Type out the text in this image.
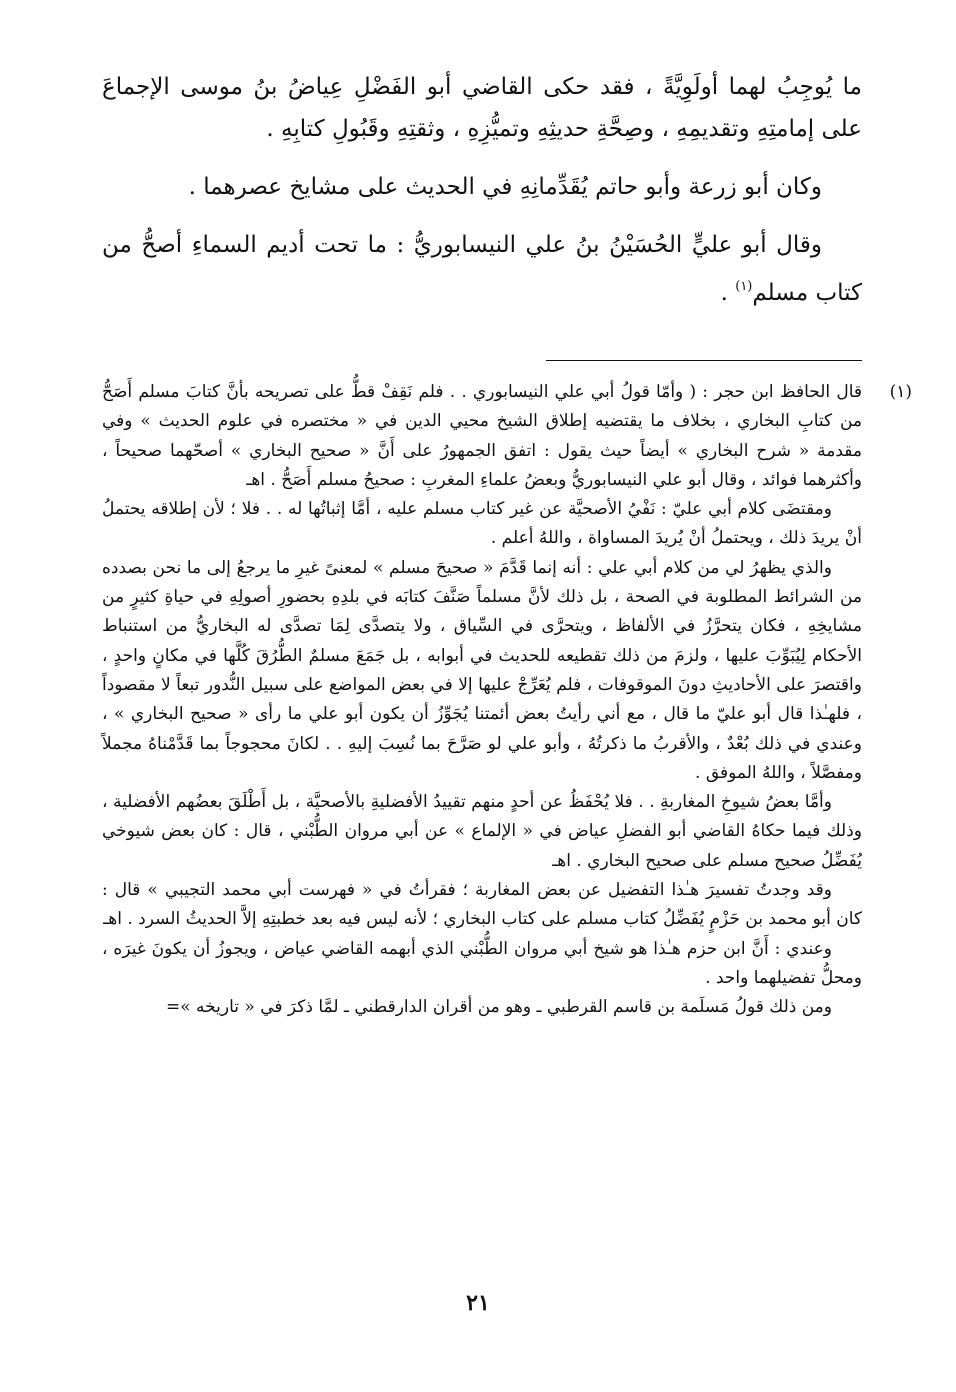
ما يُوجِبُ لهما أولَوِيَّةً ، فقد حكى القاضي أبو الفَضْلِ عِياضُ بنُ موسى الإجماعَ على إمامتِهِ وتقديمِهِ ، وصِحَّةِ حديثِهِ وتميُّزِهِ ، وثقتِهِ وقَبُولِ كتابِهِ .

وكان أبو زرعة وأبو حاتم يُقَدِّمانِهِ في الحديث على مشايخ عصرهما .

وقال أبو عليٍّ الحُسَيْنُ بنُ علي النيسابوريُّ : ما تحت أديم السماءِ أصحُّ من كتاب مسلم$^{(١)}$ .

(١)

قال الحافظ ابن حجر : ( وأمّا قولُ أبي علي النيسابوري . . فلم نَقِفْ قطُّ على تصريحه بأنَّ كتابَ مسلم أَصَحُّ من كتابِ البخاري ، بخلاف ما يقتضيه إطلاق الشيخ محيي الدين في « مختصره في علوم الحديث » وفي مقدمة « شرح البخاري » أيضاً حيث يقول : اتفق الجمهورُ على أَنَّ « صحيح البخاري » أصحّهما صحيحاً ، وأكثرهما فوائد ، وقال أبو علي النيسابوريُّ وبعضُ علماءِ المغربِ : صحيحُ مسلم أَصَحُّ . اهـ

ومقتضَى كلام أبي عليّ : نَفْيُ الأصحيَّة عن غير كتاب مسلم عليه ، أمَّا إثباتُها له . . فلا ؛ لأن إطلاقه يحتملُ أنْ يريدَ ذلك ، ويحتملُ أنْ يُريدَ المساواة ، واللهُ أعلم .

والذي يظهرُ لي من كلام أبي علي : أنه إنما قَدَّمَ « صحيحَ مسلم » لمعنىً غيرِ ما يرجعُ إلى ما نحن بصدده من الشرائط المطلوبة في الصحة ، بل ذلك لأنَّ مسلماً صَنَّفَ كتابَه في بلدِهِ بحضورِ أصولِهِ في حياةِ كثيرٍ من مشايخِهِ ، فكان يتحرَّزُ في الألفاظ ، ويتحرَّى في السِّياق ، ولا يتصدَّى لِمَا تصدَّى له البخاريُّ من استنباط الأحكام لِيُبَوِّبَ عليها ، ولزمَ من ذلك تقطيعه للحديث في أبوابه ، بل جَمَعَ مسلمٌ الطُّرُقَ كُلَّها في مكانٍ واحدٍ ، واقتصرَ على الأحاديثِ دونَ الموقوفات ، فلم يُعَرِّجْ عليها إلا في بعض المواضع على سبيل النُّدور تبعاً لا مقصوداً ، فلهـٰذا قال أبو عليّ ما قال ، مع أني رأيتُ بعض أئمتنا يُجَوِّزُ أن يكون أبو علي ما رأى « صحيح البخاري » ، وعندي في ذلك بُعْدٌ ، والأقربُ ما ذكرتُهُ ، وأبو علي لو صَرَّحَ بما نُسِبَ إليهِ . . لكانَ محجوجاً بما قَدَّمْناهُ مجملاً ومفصَّلاً ، واللهُ الموفق .

وأمَّا بعضُ شيوخِ المغاربةِ . . فلا يُحْفَظُ عن أحدٍ منهم تقييدُ الأفضليةِ بالأصحيَّة ، بل أَطْلَقَ بعضُهم الأفضلية ، وذلك فيما حكاهُ القاضي أبو الفضلِ عياض في « الإلماع » عن أبي مروان الطُّبْني ، قال : كان بعض شيوخي يُفَضِّلُ صحيح مسلم على صحيح البخاري . اهـ

وقد وجدتُ تفسيرَ هـٰذا التفضيل عن بعض المغاربة ؛ فقرأتُ في « فهرست أبي محمد التجيبي » قال : كان أبو محمد بن حَزْمٍ يُفَضِّلُ كتاب مسلم على كتاب البخاري ؛ لأنه ليس فيه بعد خطبتِهِ إلاَّ الحديثُ السرد . اهـ

وعندي : أَنَّ ابن حزم هـٰذا هو شيخ أبي مروان الطُّبْني الذي أبهمه القاضي عياض ، ويجوزُ أن يكونَ غيرَه ، ومحلُّ تفضيلهما واحد .

ومن ذلك قولُ مَسلَمة بن قاسم القرطبي ـ وهو من أقران الدارقطني ـ لمَّا ذكرَ في « تاريخه »=

٢١
